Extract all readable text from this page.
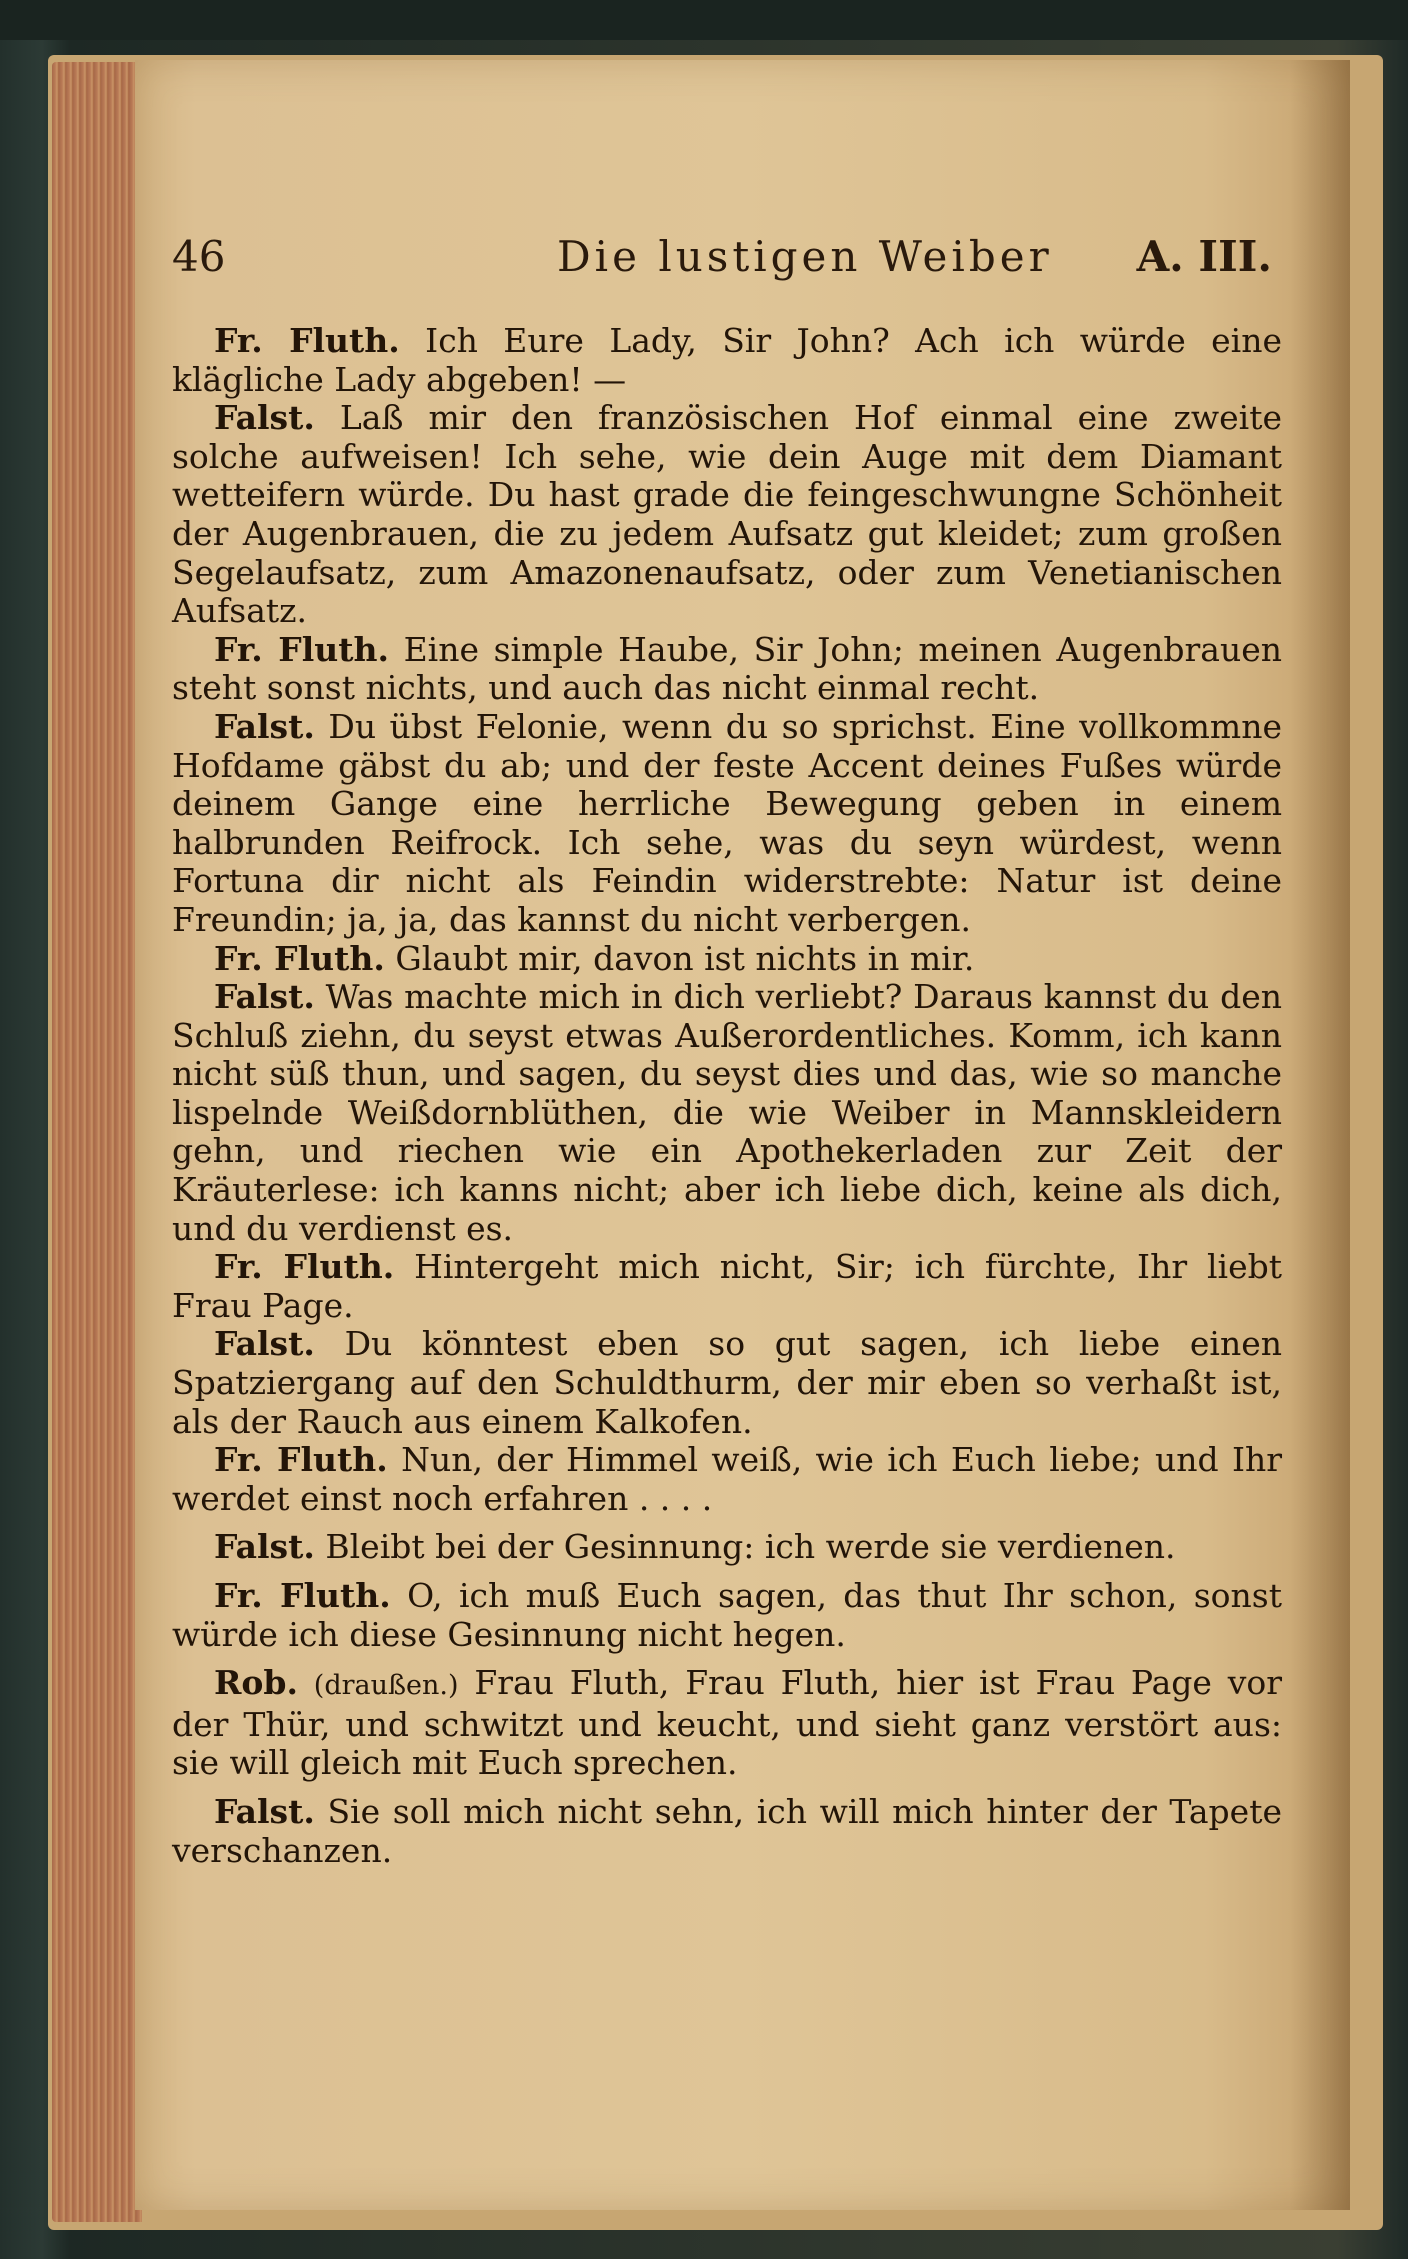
46	Die lustigen Weiber A. III.

Fr. Fluth. Ich Eure Lady, Sir John? Ach ich würde eine klägliche Lady abgeben! —

Falst. Laß mir den französischen Hof einmal eine zweite solche aufweisen! Ich sehe, wie dein Auge mit dem Diamant wetteifern würde. Du hast grade die feingeschwungne Schönheit der Augenbrauen, die zu jedem Aufsatz gut kleidet; zum großen Segelaufsatz, zum Amazonenaufsatz, oder zum Venetianischen Aufsatz.

Fr. Fluth. Eine simple Haube, Sir John; meinen Augenbrauen steht sonst nichts, und auch das nicht einmal recht.

Falst. Du übst Felonie, wenn du so sprichst. Eine vollkommne Hofdame gäbst du ab; und der feste Accent deines Fußes würde deinem Gange eine herrliche Bewegung geben in einem halbrunden Reifrock. Ich sehe, was du seyn würdest, wenn Fortuna dir nicht als Feindin widerstrebte: Natur ist deine Freundin; ja, ja, das kannst du nicht verbergen.

Fr. Fluth. Glaubt mir, davon ist nichts in mir.

Falst. Was machte mich in dich verliebt? Daraus kannst du den Schluß ziehn, du seyst etwas Außerordentliches. Komm, ich kann nicht süß thun, und sagen, du seyst dies und das, wie so manche lispelnde Weißdornblüthen, die wie Weiber in Mannskleidern gehn, und riechen wie ein Apothekerladen zur Zeit der Kräuterlese: ich kanns nicht; aber ich liebe dich, keine als dich, und du verdienst es.

Fr. Fluth. Hintergeht mich nicht, Sir; ich fürchte, Ihr liebt Frau Page.

Falst. Du könntest eben so gut sagen, ich liebe einen Spatziergang auf den Schuldthurm, der mir eben so verhaßt ist, als der Rauch aus einem Kalkofen.

Fr. Fluth. Nun, der Himmel weiß, wie ich Euch liebe; und Ihr werdet einst noch erfahren . . . .

Falst. Bleibt bei der Gesinnung: ich werde sie verdienen.

Fr. Fluth. O, ich muß Euch sagen, das thut Ihr schon, sonst würde ich diese Gesinnung nicht hegen.

Rob. (draußen.) Frau Fluth, Frau Fluth, hier ist Frau Page vor der Thür, und schwitzt und keucht, und sieht ganz verstört aus: sie will gleich mit Euch sprechen.

Falst. Sie soll mich nicht sehn, ich will mich hinter der Tapete verschanzen.
